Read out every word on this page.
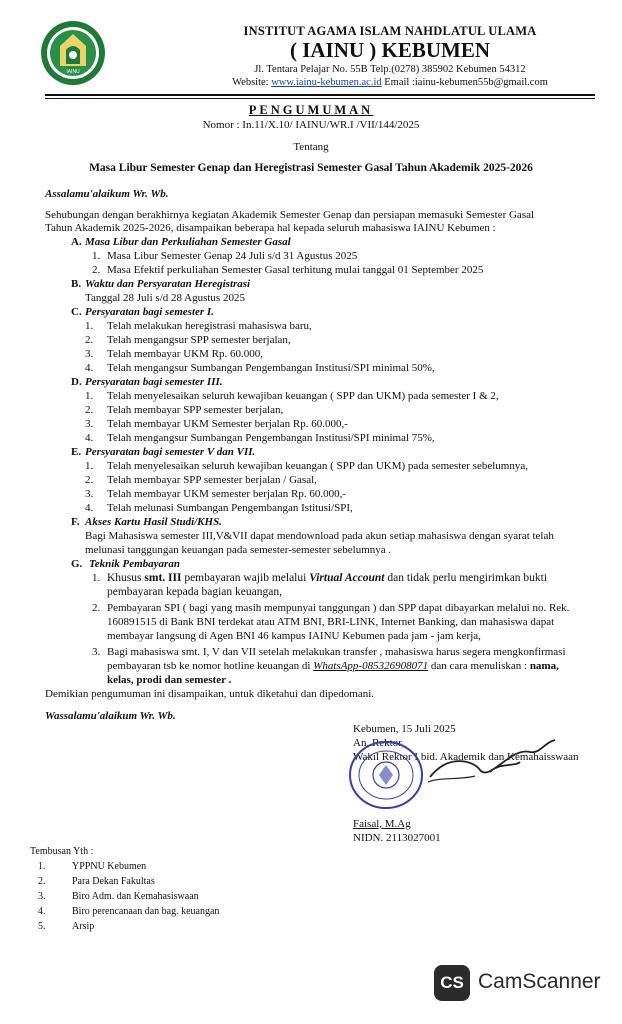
IAINU
KEBUMEN
INSTITUT AGAMA ISLAM NAHDLATUL ULAMA
( IAINU ) KEBUMEN
Jl. Tentara Pelajar No. 55B Telp.(0278) 385902 Kebumen 54312
Website: www.iainu-kebumen.ac.id Email :iainu-kebumen55b@gmail.com
PENGUMUMAN
Nomor : In.11/X.10/ IAINU/WR.I /VII/144/2025
Tentang
Masa Libur Semester Genap dan Heregistrasi Semester Gasal Tahun Akademik 2025-2026
Assalamu'alaikum Wr. Wb.
Sehubungan dengan berakhirnya kegiatan Akademik Semester Genap dan persiapan memasuki Semester Gasal
Tahun Akademik 2025-2026, disampaikan beberapa hal kepada seluruh mahasiswa IAINU Kebumen :
A. Masa Libur dan Perkuliahan Semester Gasal
1. Masa Libur Semester Genap 24 Juli s/d 31 Agustus 2025
2. Masa Efektif perkuliahan Semester Gasal terhitung mulai tanggal 01 September 2025
B. Waktu dan Persyaratan Heregistrasi
Tanggal 28 Juli s/d 28 Agustus 2025
C. Persyaratan bagi semester I.
1.	Telah melakukan heregistrasi mahasiswa baru,
2.	Telah mengangsur SPP semester berjalan,
3.	Telah membayar UKM Rp. 60.000,
4.	Telah mengangsur Sumbangan Pengembangan Institusi/SPI minimal 50%,
D. Persyaratan bagi semester III.
1.	Telah menyelesaikan seluruh kewajiban keuangan ( SPP dan UKM) pada semester I & 2,
2.	Telah membayar SPP semester berjalan,
3.	Telah membayar UKM Semester berjalan Rp. 60.000,-
4.	Telah mengangsur Sumbangan Pengembangan Institusi/SPI minimal 75%,
E. Persyaratan bagi semester V dan VII.
1.	Telah menyelesaikan seluruh kewajiban keuangan ( SPP dan UKM) pada semester sebelumnya,
2.	Telah membayar SPP semester berjalan / Gasal,
3.	Telah membayar UKM semester berjalan Rp. 60.000,-
4.	Telah melunasi Sumbangan Pengembangan Istitusi/SPI,
F. Akses Kartu Hasil Studi/KHS.
Bagi Mahasiswa semester III,V&VII dapat mendownload pada akun setiap mahasiswa dengan syarat telah
melunasi tanggungan keuangan pada semester-semester sebelumnya .
G. Teknik Pembayaran
1. Khusus smt. III pembayaran wajib melalui Virtual Account dan tidak perlu mengirimkan bukti
pembayaran kepada bagian keuangan,
2. Pembayaran SPI ( bagi yang masih mempunyai tanggungan ) dan SPP dapat dibayarkan melalui no. Rek.
160891515 di Bank BNI terdekat atau ATM BNI, BRI-LINK, Internet Banking, dan mahasiswa dapat
membayar langsung di Agen BNI 46 kampus IAINU Kebumen pada jam - jam kerja,
3. Bagi mahasiswa smt. I, V dan VII setelah melakukan transfer , mahasiswa harus segera mengkonfirmasi
pembayaran tsb ke nomor hotline keuangan di WhatsApp-085326908071 dan cara menuliskan : nama,
kelas, prodi dan semester .
Demikian pengumuman ini disampaikan, untuk diketahui dan dipedomani.
Wassalamu'alaikum Wr. Wb.
Kebumen, 15 Juli 2025
An. Rektor,
Wakil Rektor I bid. Akademik dan Kemahaisswaan
Faisal, M.Ag
NIDN. 2113027001
Tembusan Yth :
1.	YPPNU Kebumen
2.	Para Dekan Fakultas
3.	Biro Adm. dan Kemahasiswaan
4.	Biro perencanaan dan bag. keuangan
5.	Arsip
CS CamScanner
